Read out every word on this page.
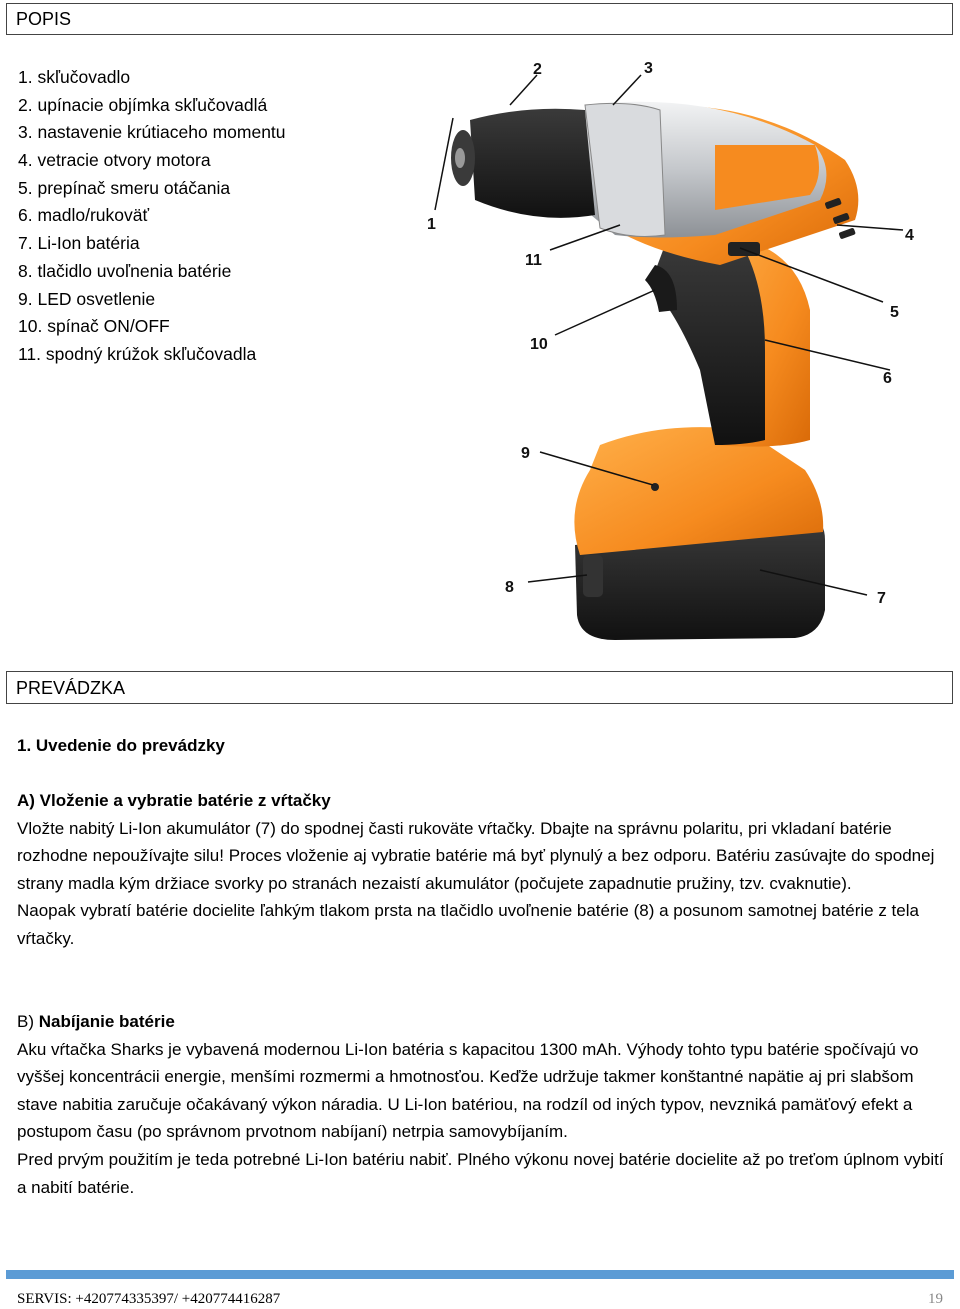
POPIS
1. skľučovadlo
2. upínacie objímka skľučovadlá
3. nastavenie krútiaceho momentu
4. vetracie otvory motora
5. prepínač smeru otáčania
6. madlo/rukoväť
7. Li-Ion batéria
8. tlačidlo uvoľnenia batérie
9. LED osvetlenie
10. spínač ON/OFF
11. spodný krúžok skľučovadla
1
2	3
4
5
6
7
8
9
10
11
PREVÁDZKA
1. Uvedenie do prevádzky

A) Vloženie a vybratie batérie z vŕtačky

Vložte nabitý Li-Ion akumulátor (7) do spodnej časti rukoväte vŕtačky. Dbajte na správnu polaritu, pri vkladaní batérie rozhodne nepoužívajte silu! Proces vloženie aj vybratie batérie má byť plynulý a bez odporu. Batériu zasúvajte do spodnej strany madla kým držiace svorky po stranách nezaistí akumulátor (počujete zapadnutie pružiny, tzv. cvaknutie).

Naopak vybratí batérie docielite ľahkým tlakom prsta na tlačidlo uvoľnenie batérie (8) a posunom samotnej batérie z tela vŕtačky.

B) Nabíjanie batérie

Aku vŕtačka Sharks je vybavená modernou Li-Ion batéria s kapacitou 1300 mAh. Výhody tohto typu batérie spočívajú vo vyššej koncentrácii energie, menšími rozmermi a hmotnosťou. Keďže udržuje takmer konštantné napätie aj pri slabšom stave nabitia zaručuje očakávaný výkon náradia. U Li-Ion batériou, na rodzíl od iných typov, nevzniká pamäťový efekt a postupom času (po správnom prvotnom nabíjaní) netrpia samovybíjaním.

Pred prvým použitím je teda potrebné Li-Ion batériu nabiť. Plného výkonu novej batérie docielite až po treťom úplnom vybití a nabití batérie.

SERVIS: +420774335397/ +420774416287	19
